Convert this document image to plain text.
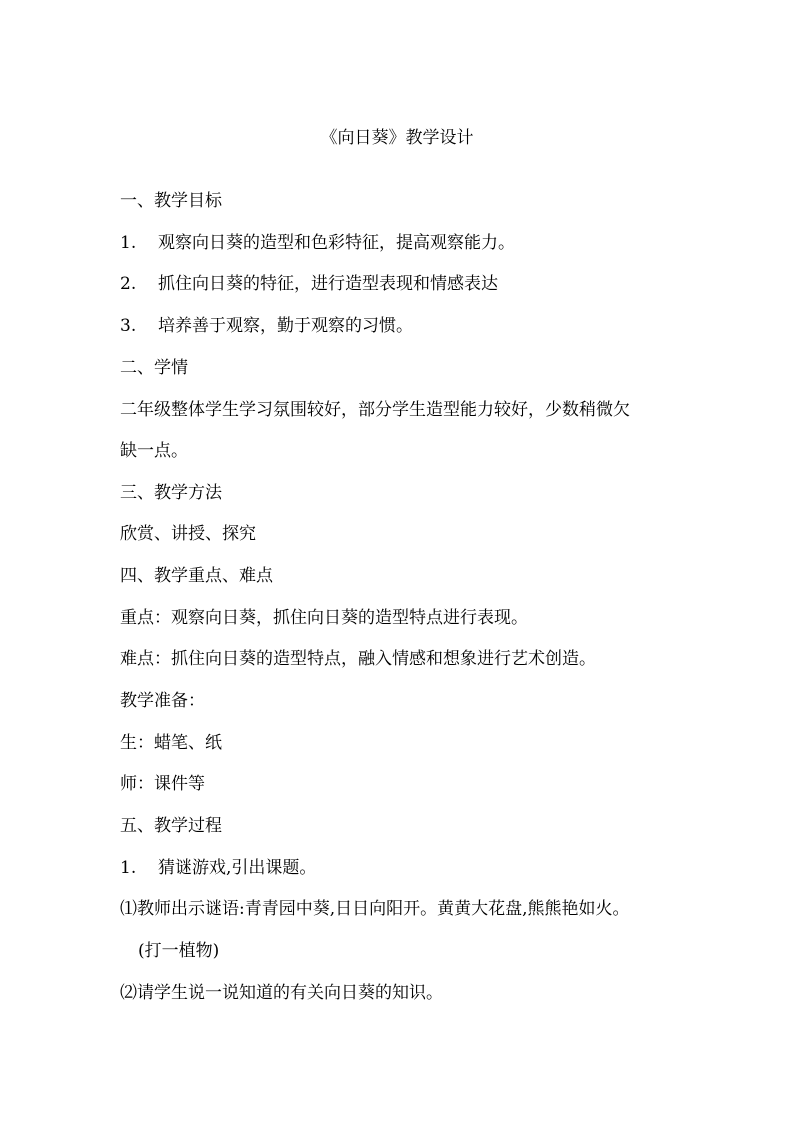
《向日葵》教学设计
一、教学目标
1. 观察向日葵的造型和色彩特征，提高观察能力。
2. 抓住向日葵的特征，进行造型表现和情感表达
3. 培养善于观察，勤于观察的习惯。
二、学情
二年级整体学生学习氛围较好，部分学生造型能力较好，少数稍微欠
缺一点。
三、教学方法
欣赏、讲授、探究
四、教学重点、难点
重点：观察向日葵，抓住向日葵的造型特点进行表现。
难点：抓住向日葵的造型特点，融入情感和想象进行艺术创造。
教学准备：
生：蜡笔、纸
师：课件等
五、教学过程
1. 猜谜游戏,引出课题。
⑴教师出示谜语:青青园中葵,日日向阳开。黄黄大花盘,熊熊艳如火。
(打一植物)
⑵请学生说一说知道的有关向日葵的知识。
